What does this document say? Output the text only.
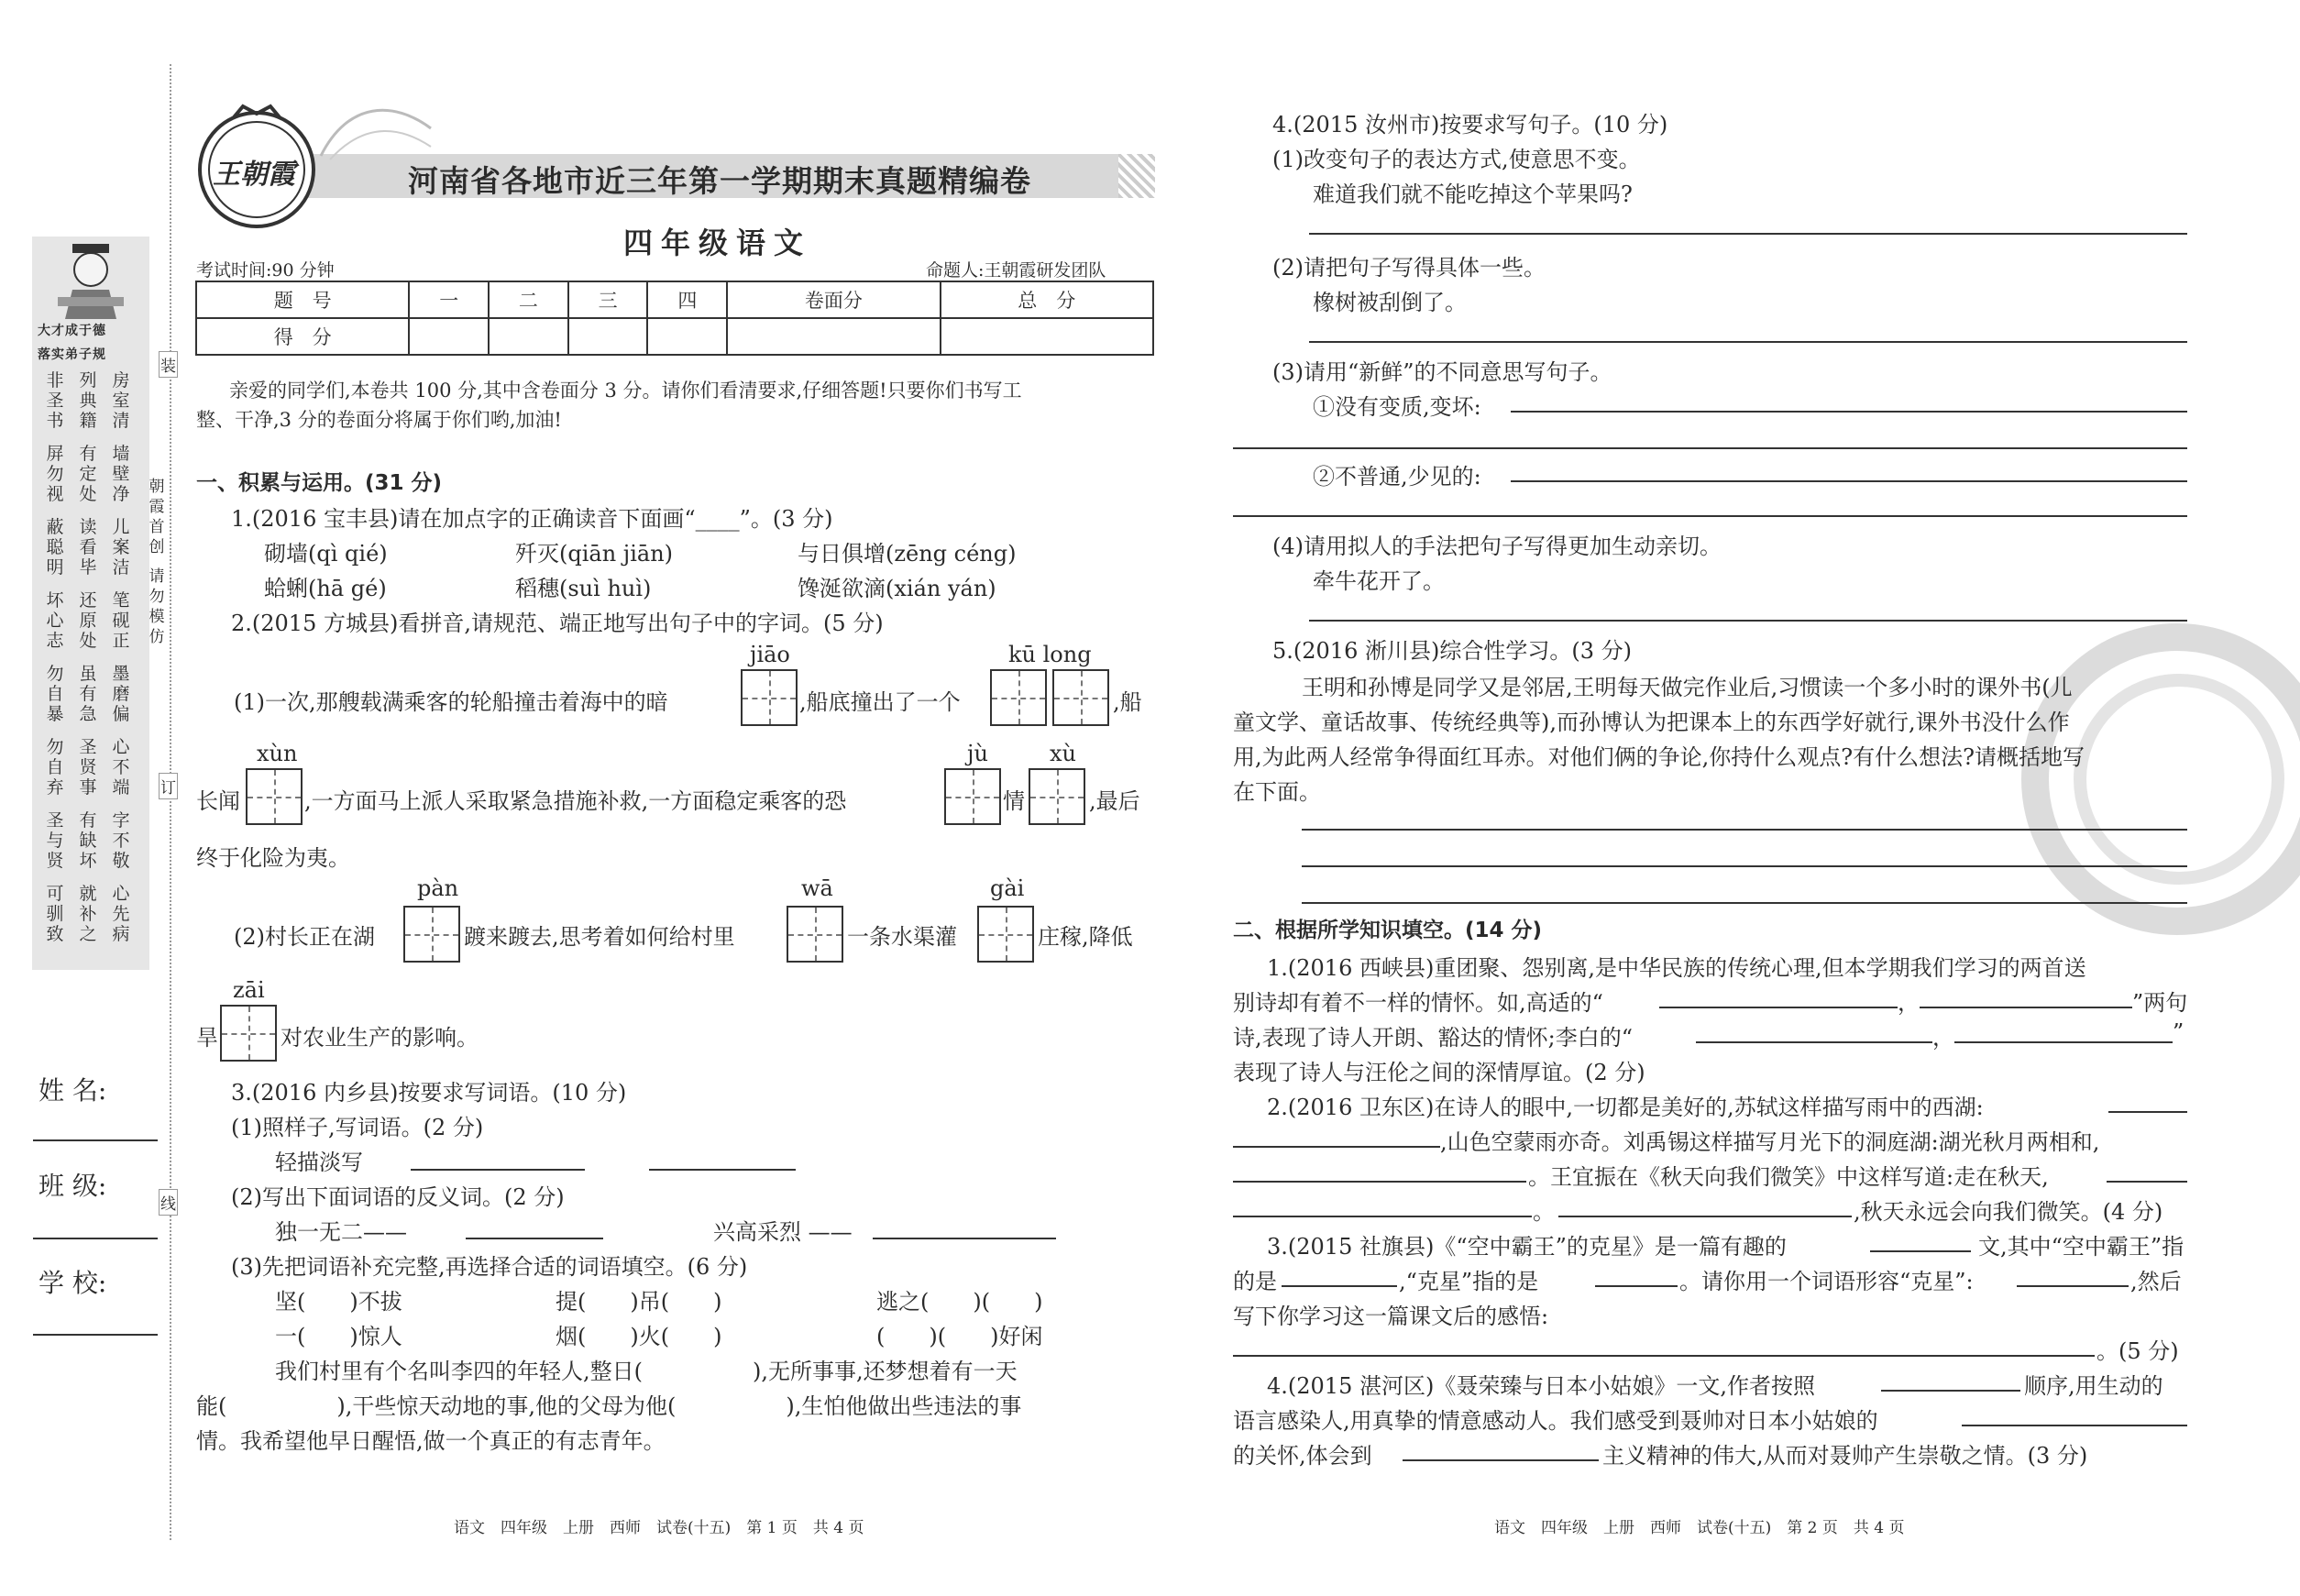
装
订
线
朝霞首创
请勿模仿
大才成于德
落实弟子规
非圣书
列典籍
房室清
屏勿视
有定处
墙壁净
蔽聪明
读看毕
儿案洁
坏心志
还原处
笔砚正
勿自暴
虽有急
墨磨偏
勿自弃
圣贤事
心不端
圣与贤
有缺坏
字不敬
可驯致
就补之
心先病
姓 名:
班 级:
学 校:
王朝霞	河南省各地市近三年第一学期期末真题精编卷
四年级语文
考试时间:90 分钟	命题人:王朝霞研发团队
题　号	一	二	三	四	卷面分	总　分
得　分						
亲爱的同学们,本卷共 100 分,其中含卷面分 3 分。请你们看清要求,仔细答题!只要你们书写工
整、干净,3 分的卷面分将属于你们哟,加油!
一、积累与运用。(31 分)
1.(2016 宝丰县)请在加点字的正确读音下面画“____”。(3 分)
砌墙(qì qié)	歼灭(qiān jiān)	与日俱增(zēng céng)
蛤蜊(hā gé)	稻穗(suì huì)	馋涎欲滴(xián yán)
2.(2015 方城县)看拼音,请规范、端正地写出句子中的字词。(5 分)
jiāo	kū long
(1)一次,那艘载满乘客的轮船撞击着海中的暗	,船底撞出了一个	,船
xùn	jù	xù
长闻	,一方面马上派人采取紧急措施补救,一方面稳定乘客的恐	情	,最后
终于化险为夷。
pàn	wā	gài
(2)村长正在湖	踱来踱去,思考着如何给村里	一条水渠灌	庄稼,降低
zāi
旱	对农业生产的影响。
3.(2016 内乡县)按要求写词语。(10 分)
(1)照样子,写词语。(2 分)
轻描淡写
(2)写出下面词语的反义词。(2 分)
独一无二——	兴高采烈 ——
(3)先把词语补充完整,再选择合适的词语填空。(6 分)
坚(　　)不拔	提(　　)吊(　　)	逃之(　　)(　　)
一(　　)惊人	烟(　　)火(　　)	(　　)(　　)好闲
我们村里有个名叫李四的年轻人,整日(　　　　　),无所事事,还梦想着有一天
能(　　　　　),干些惊天动地的事,他的父母为他(　　　　　),生怕他做出些违法的事
情。我希望他早日醒悟,做一个真正的有志青年。
语文　四年级　上册　西师　试卷(十五)　第 1 页　共 4 页
4.(2015 汝州市)按要求写句子。(10 分)
(1)改变句子的表达方式,使意思不变。
难道我们就不能吃掉这个苹果吗?
(2)请把句子写得具体一些。
橡树被刮倒了。
(3)请用“新鲜”的不同意思写句子。
①没有变质,变坏:
②不普通,少见的:
(4)请用拟人的手法把句子写得更加生动亲切。
牵牛花开了。
5.(2016 淅川县)综合性学习。(3 分)
王明和孙博是同学又是邻居,王明每天做完作业后,习惯读一个多小时的课外书(儿
童文学、童话故事、传统经典等),而孙博认为把课本上的东西学好就行,课外书没什么作
用,为此两人经常争得面红耳赤。对他们俩的争论,你持什么观点?有什么想法?请概括地写
在下面。
二、根据所学知识填空。(14 分)
1.(2016 西峡县)重团聚、怨别离,是中华民族的传统心理,但本学期我们学习的两首送
别诗却有着不一样的情怀。如,高适的“	，	”两句
诗,表现了诗人开朗、豁达的情怀;李白的“	，	”
表现了诗人与汪伦之间的深情厚谊。(2 分)
2.(2016 卫东区)在诗人的眼中,一切都是美好的,苏轼这样描写雨中的西湖:
,山色空蒙雨亦奇。刘禹锡这样描写月光下的洞庭湖:湖光秋月两相和,
。王宜振在《秋天向我们微笑》中这样写道:走在秋天,
。	,秋天永远会向我们微笑。(4 分)
3.(2015 社旗县)《“空中霸王”的克星》是一篇有趣的	文,其中“空中霸王”指
的是	,“克星”指的是	。请你用一个词语形容“克星”:	,然后
写下你学习这一篇课文后的感悟:
。(5 分)
4.(2015 湛河区)《聂荣臻与日本小姑娘》一文,作者按照	顺序,用生动的
语言感染人,用真挚的情意感动人。我们感受到聂帅对日本小姑娘的
的关怀,体会到	主义精神的伟大,从而对聂帅产生崇敬之情。(3 分)
语文　四年级　上册　西师　试卷(十五)　第 2 页　共 4 页
